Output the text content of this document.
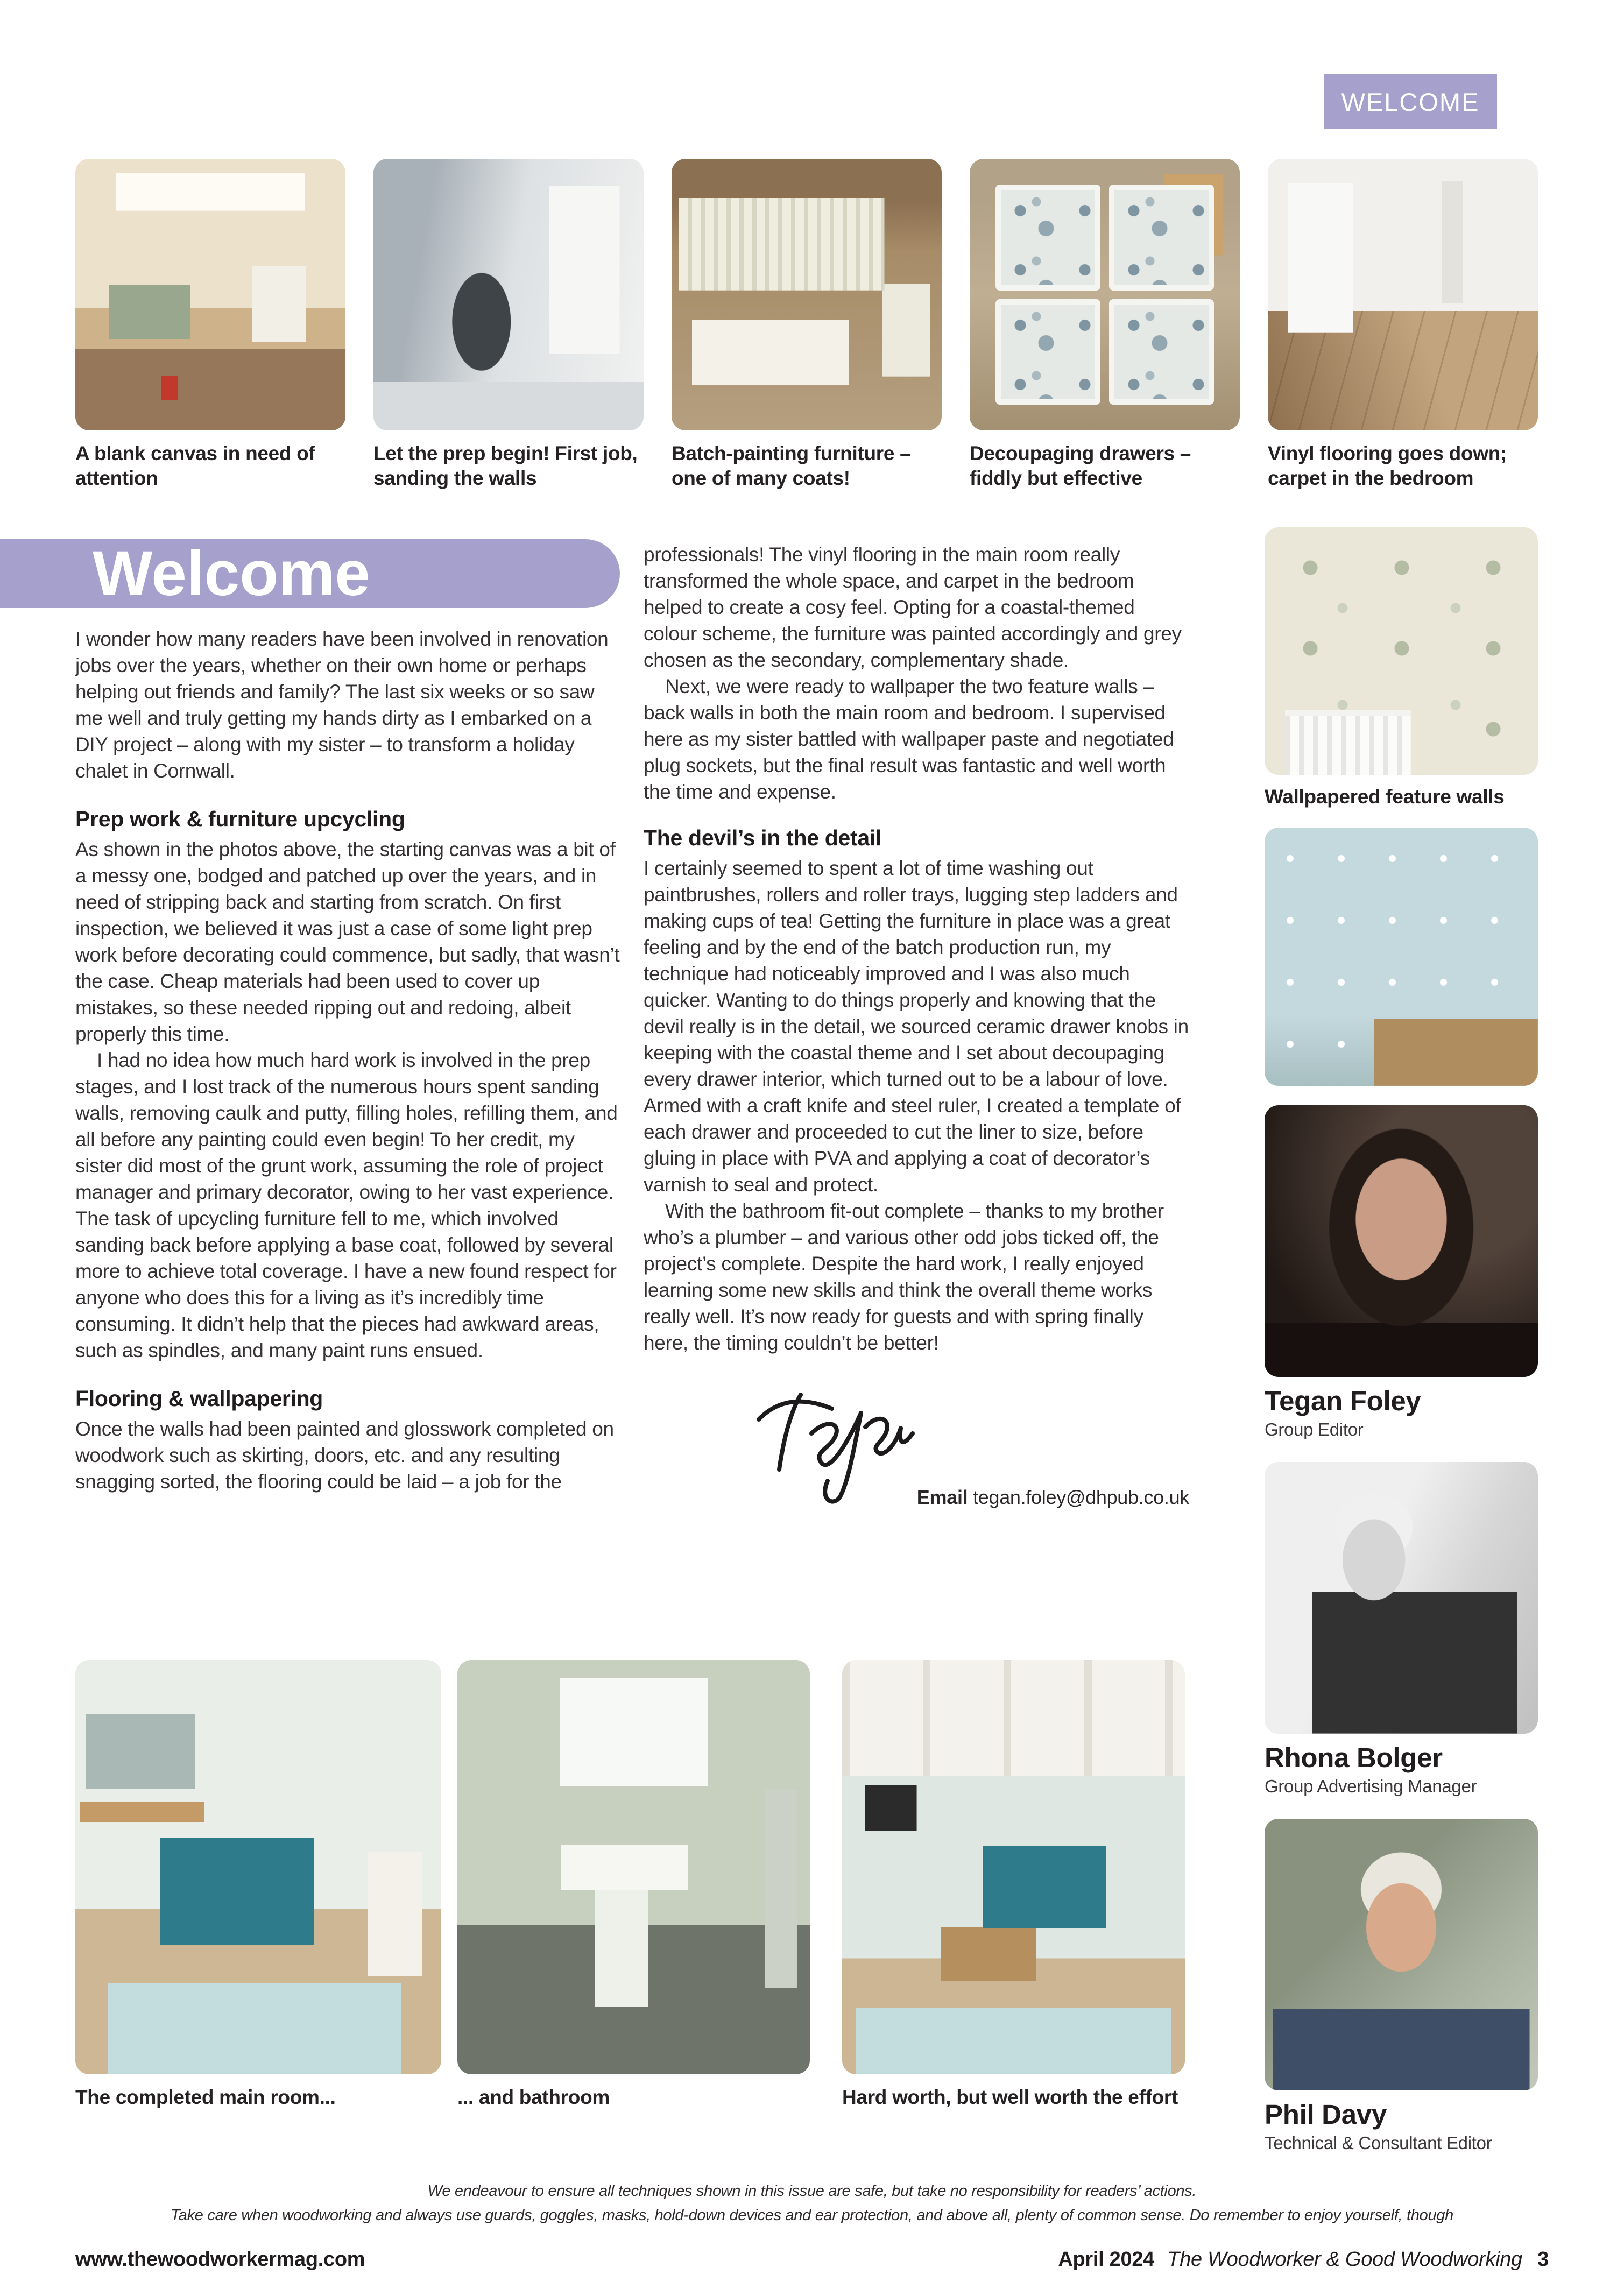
WELCOME
A blank canvas in need of attention
Let the prep begin! First job, sanding the walls
Batch-painting furniture – one of many coats!
Decoupaging drawers – fiddly but effective
Vinyl flooring goes down; carpet in the bedroom
Welcome

I wonder how many readers have been involved in renovation jobs over the years, whether on their own home or perhaps helping out friends and family? The last six weeks or so saw me well and truly getting my hands dirty as I embarked on a DIY project – along with my sister – to transform a holiday chalet in Cornwall.

Prep work & furniture upcycling

As shown in the photos above, the starting canvas was a bit of a messy one, bodged and patched up over the years, and in need of stripping back and starting from scratch. On first inspection, we believed it was just a case of some light prep work before decorating could commence, but sadly, that wasn’t the case. Cheap materials had been used to cover up mistakes, so these needed ripping out and redoing, albeit properly this time.

I had no idea how much hard work is involved in the prep stages, and I lost track of the numerous hours spent sanding walls, removing caulk and putty, filling holes, refilling them, and all before any painting could even begin! To her credit, my sister did most of the grunt work, assuming the role of project manager and primary decorator, owing to her vast experience. The task of upcycling furniture fell to me, which involved sanding back before applying a base coat, followed by several more to achieve total coverage. I have a new found respect for anyone who does this for a living as it’s incredibly time consuming. It didn’t help that the pieces had awkward areas, such as spindles, and many paint runs ensued.

Flooring & wallpapering

Once the walls had been painted and glosswork completed on woodwork such as skirting, doors, etc. and any resulting snagging sorted, the flooring could be laid – a job for the

professionals! The vinyl flooring in the main room really transformed the whole space, and carpet in the bedroom helped to create a cosy feel. Opting for a coastal-themed colour scheme, the furniture was painted accordingly and grey chosen as the secondary, complementary shade.

Next, we were ready to wallpaper the two feature walls – back walls in both the main room and bedroom. I supervised here as my sister battled with wallpaper paste and negotiated plug sockets, but the final result was fantastic and well worth the time and expense.

The devil’s in the detail

I certainly seemed to spent a lot of time washing out paintbrushes, rollers and roller trays, lugging step ladders and making cups of tea! Getting the furniture in place was a great feeling and by the end of the batch production run, my technique had noticeably improved and I was also much quicker. Wanting to do things properly and knowing that the devil really is in the detail, we sourced ceramic drawer knobs in keeping with the coastal theme and I set about decoupaging every drawer interior, which turned out to be a labour of love. Armed with a craft knife and steel ruler, I created a template of each drawer and proceeded to cut the liner to size, before gluing in place with PVA and applying a coat of decorator’s varnish to seal and protect.

With the bathroom fit-out complete – thanks to my brother who’s a plumber – and various other odd jobs ticked off, the project’s complete. Despite the hard work, I really enjoyed learning some new skills and think the overall theme works really well. It’s now ready for guests and with spring finally here, the timing couldn’t be better!

Email tegan.foley@dhpub.co.uk
Wallpapered feature walls
Tegan Foley
Group Editor
Rhona Bolger
Group Advertising Manager
Phil Davy
Technical & Consultant Editor
The completed main room...	... and bathroom	Hard worth, but well worth the effort
We endeavour to ensure all techniques shown in this issue are safe, but take no responsibility for readers’ actions.
Take care when woodworking and always use guards, goggles, masks, hold-down devices and ear protection, and above all, plenty of common sense. Do remember to enjoy yourself, though
www.thewoodworkermag.com	April 2024 The Woodworker & Good Woodworking 3
